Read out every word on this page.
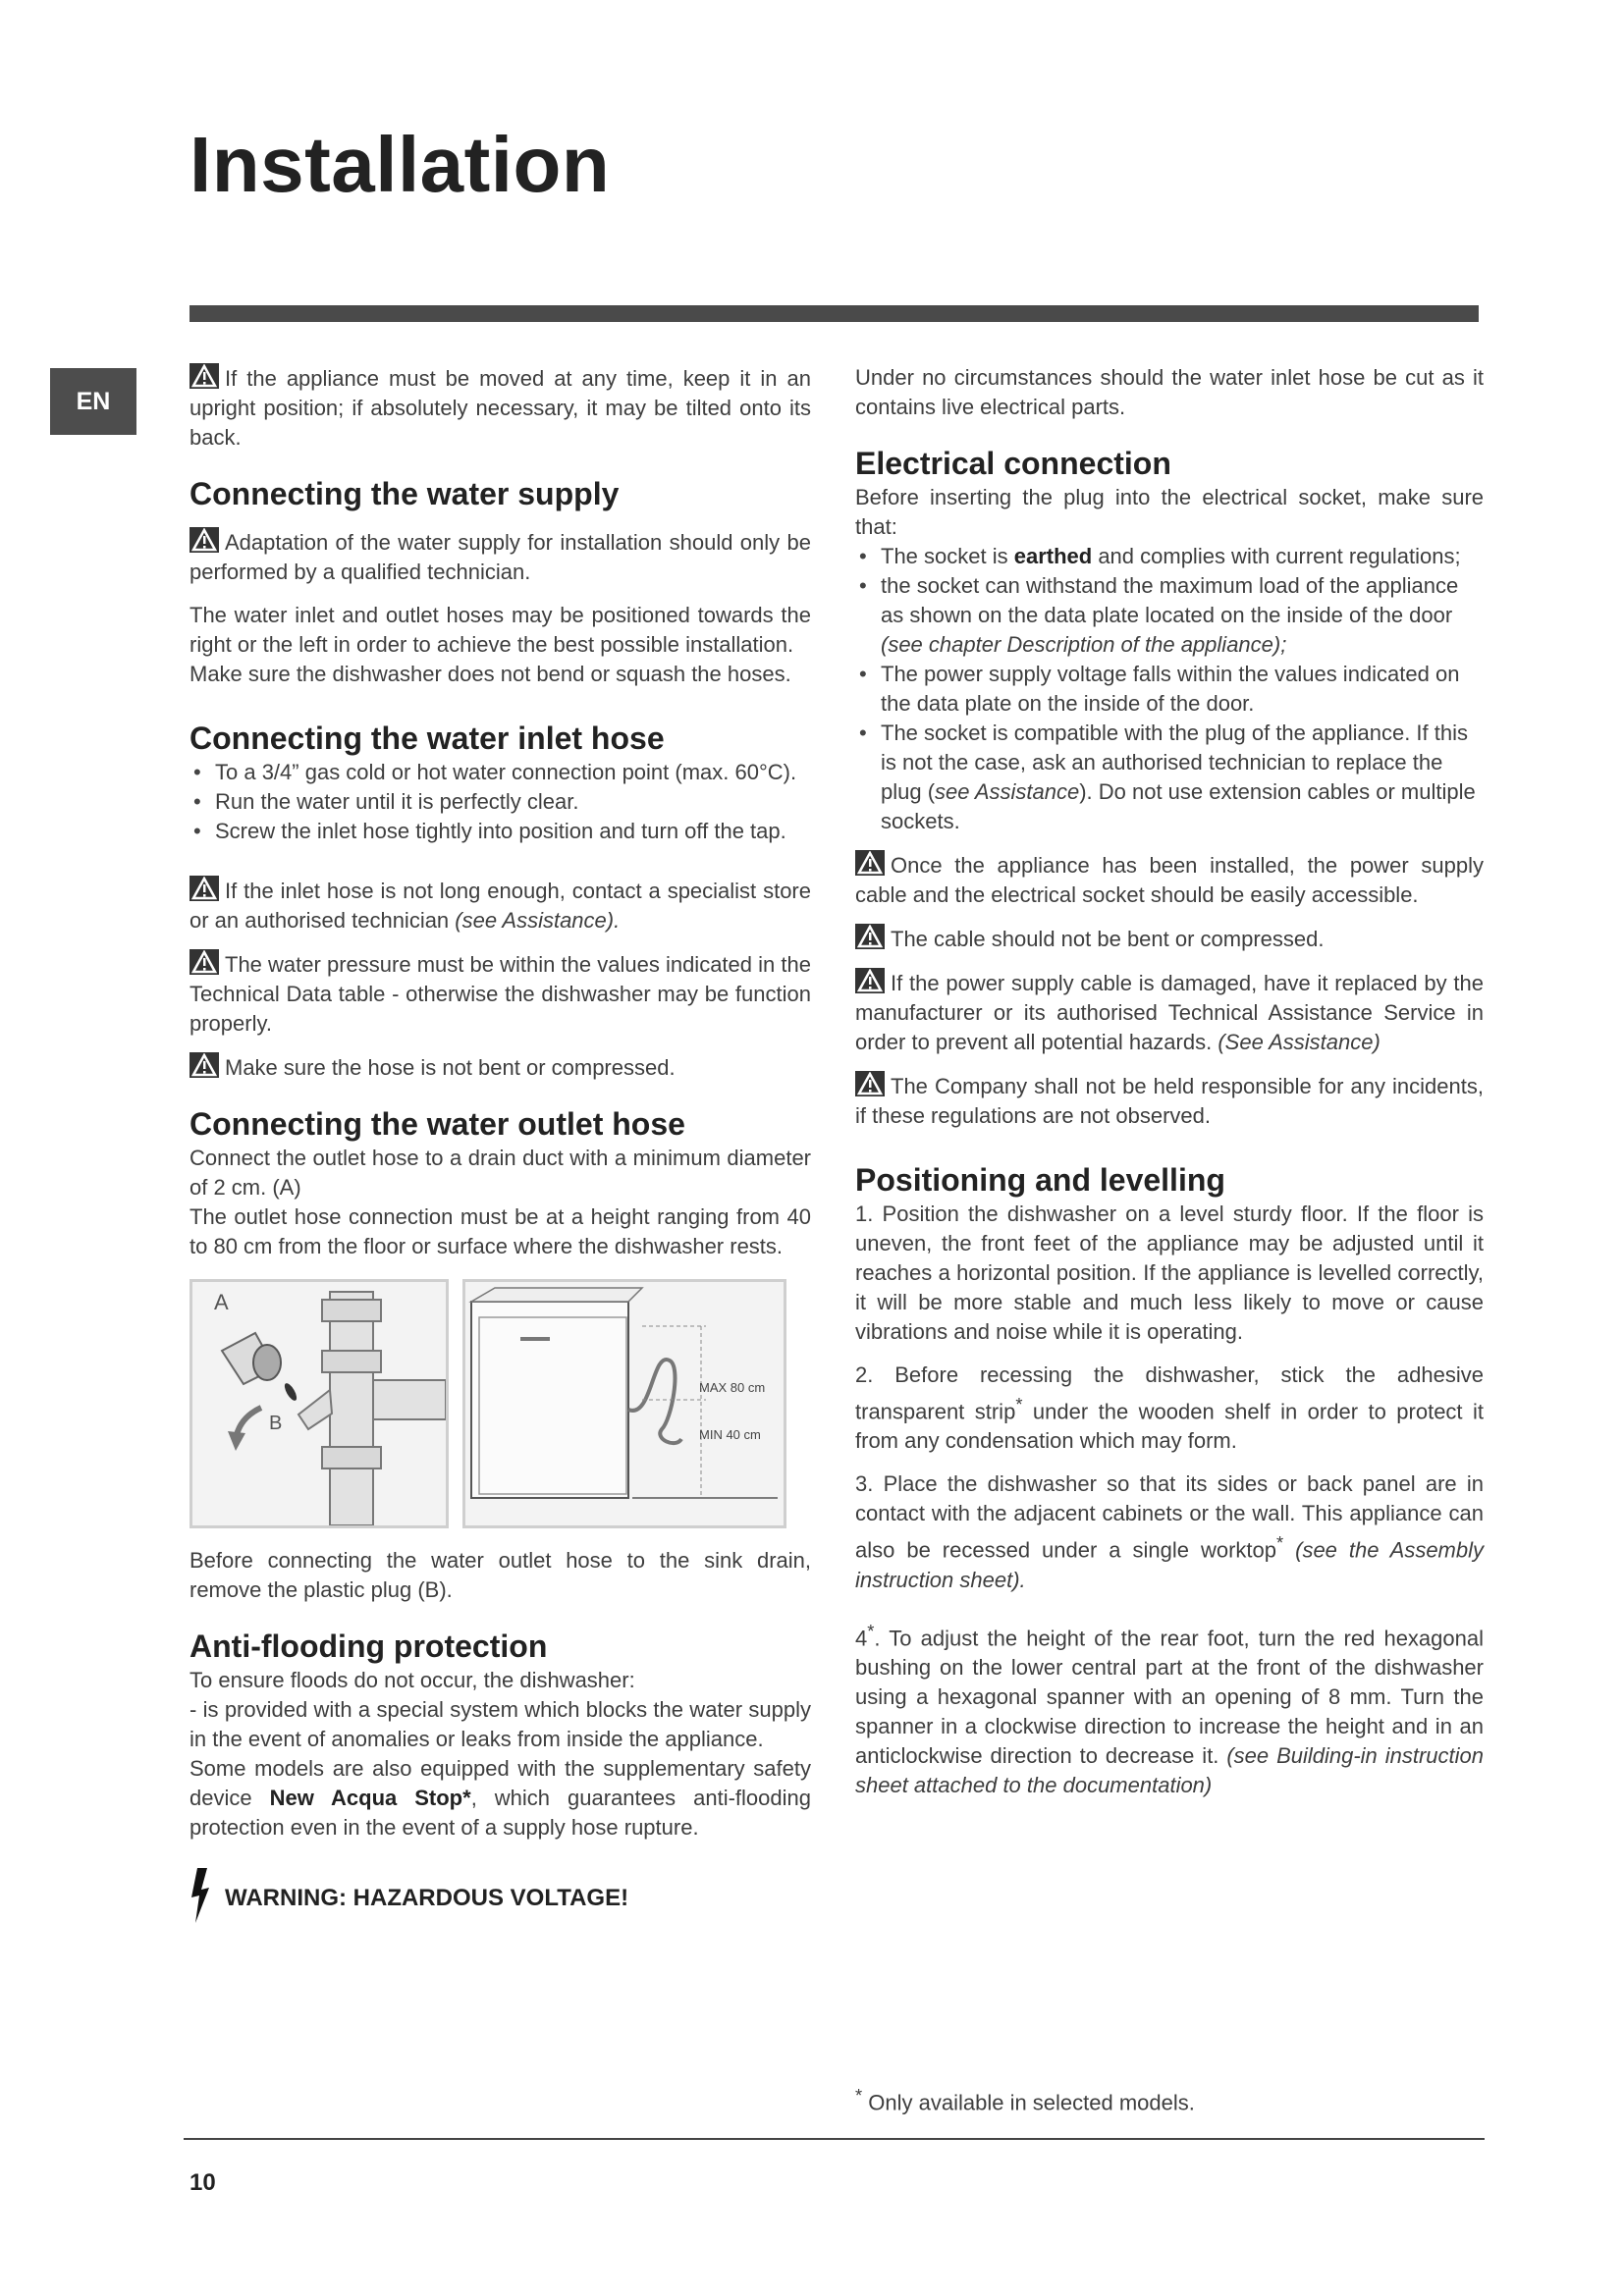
Installation
EN

If the appliance must be moved at any time, keep it in an upright position; if absolutely necessary, it may be tilted onto its back.

Connecting the water supply

Adaptation of the water supply for installation should only be performed by a qualified technician.

The water inlet and outlet hoses may be positioned towards the right or the left in order to achieve the best possible installation.

Make sure the dishwasher does not bend or squash the hoses.

Connecting the water inlet hose
• To a 3/4” gas cold or hot water connection point (max. 60°C).
• Run the water until it is perfectly clear.
• Screw the inlet hose tightly into position and turn off the tap.

If the inlet hose is not long enough, contact a specialist store or an authorised technician (see Assistance).

The water pressure must be within the values indicated in the Technical Data table - otherwise the dishwasher may be function properly.

Make sure the hose is not bent or compressed.

Connecting the water outlet hose

Connect the outlet hose to a drain duct with a minimum diameter of 2 cm. (A)

The outlet hose connection must be at a height ranging from 40 to 80 cm from the floor or surface where the dishwasher rests.

A
B
MAX 80 cm
MIN 40 cm

Before connecting the water outlet hose to the sink drain, remove the plastic plug (B).

Anti-flooding protection

To ensure floods do not occur, the dishwasher:

- is provided with a special system which blocks the water supply in the event of anomalies or leaks from inside the appliance.

Some models are also equipped with the supplementary safety device New Acqua Stop*, which guarantees anti-flooding protection even in the event of a supply hose rupture.

WARNING: HAZARDOUS VOLTAGE!

Under no circumstances should the water inlet hose be cut as it contains live electrical parts.

Electrical connection

Before inserting the plug into the electrical socket, make sure that:

• The socket is earthed and complies with current regulations;
• the socket can withstand the maximum load of the appliance as shown on the data plate located on the inside of the door
(see chapter Description of the appliance);
• The power supply voltage falls within the values indicated on the data plate on the inside of the door.
• The socket is compatible with the plug of the appliance. If this is not the case, ask an authorised technician to replace the plug (see Assistance). Do not use extension cables or multiple sockets.

Once the appliance has been installed, the power supply cable and the electrical socket should be easily accessible.

The cable should not be bent or compressed.

If the power supply cable is damaged, have it replaced by the manufacturer or its authorised Technical Assistance Service in order to prevent all potential hazards. (See Assistance)

The Company shall not be held responsible for any incidents, if these regulations are not observed.

Positioning and levelling

1. Position the dishwasher on a level sturdy floor. If the floor is uneven, the front feet of the appliance may be adjusted until it reaches a horizontal position. If the appliance is levelled correctly, it will be more stable and much less likely to move or cause vibrations and noise while it is operating.

2. Before recessing the dishwasher, stick the adhesive transparent strip* under the wooden shelf in order to protect it from any condensation which may form.

3. Place the dishwasher so that its sides or back panel are in contact with the adjacent cabinets or the wall. This appliance can also be recessed under a single worktop* (see the Assembly instruction sheet).

4*. To adjust the height of the rear foot, turn the red hexagonal bushing on the lower central part at the front of the dishwasher using a hexagonal spanner with an opening of 8 mm. Turn the spanner in a clockwise direction to increase the height and in an anticlockwise direction to decrease it. (see Building-in instruction sheet attached to the documentation)

* Only available in selected models.
10
